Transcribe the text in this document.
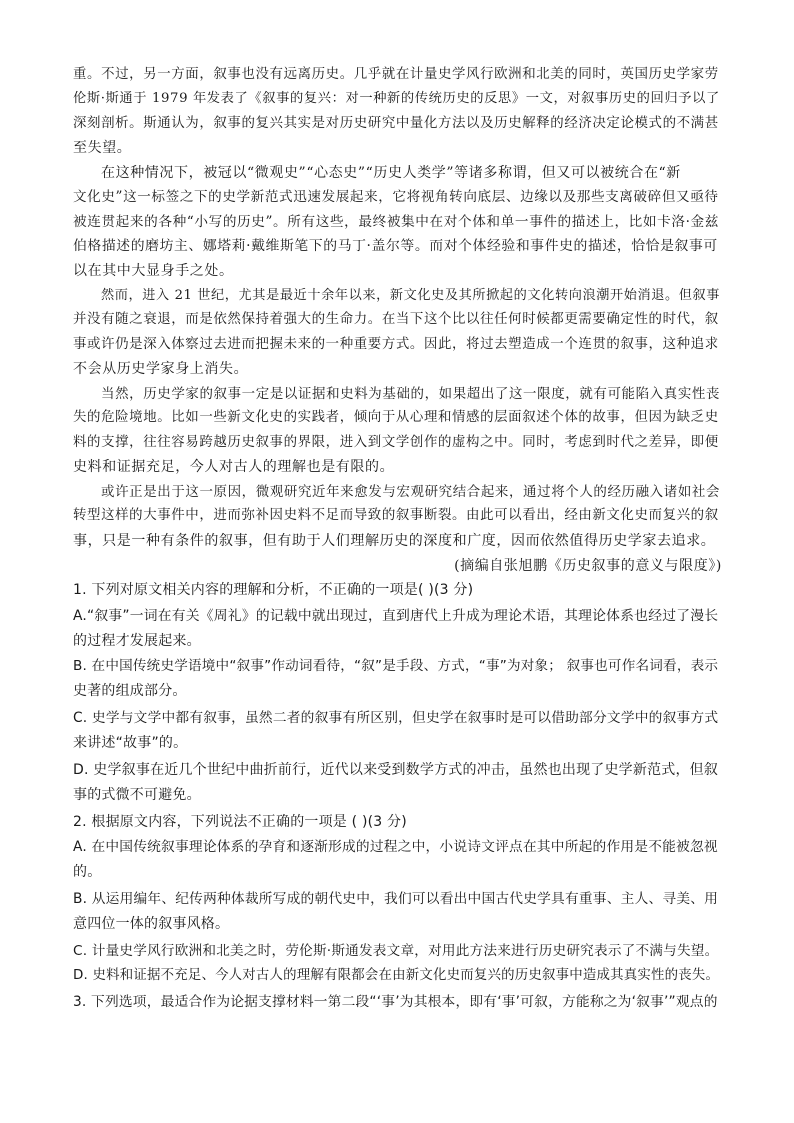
重。不过，另一方面，叙事也没有远离历史。几乎就在计量史学风行欧洲和北美的同时，英国历史学家劳
伦斯·斯通于 1979 年发表了《叙事的复兴：对一种新的传统历史的反思》一文，对叙事历史的回归予以了
深刻剖析。斯通认为，叙事的复兴其实是对历史研究中量化方法以及历史解释的经济决定论模式的不满甚
至失望。
在这种情况下，被冠以“微观史”“心态史”“历史人类学”等诸多称谓，但又可以被统合在“新
文化史”这一标签之下的史学新范式迅速发展起来，它将视角转向底层、边缘以及那些支离破碎但又亟待
被连贯起来的各种“小写的历史”。所有这些，最终被集中在对个体和单一事件的描述上，比如卡洛·金兹
伯格描述的磨坊主、娜塔莉·戴维斯笔下的马丁·盖尔等。而对个体经验和事件史的描述，恰恰是叙事可
以在其中大显身手之处。
然而，进入 21 世纪，尤其是最近十余年以来，新文化史及其所掀起的文化转向浪潮开始消退。但叙事
并没有随之衰退，而是依然保持着强大的生命力。在当下这个比以往任何时候都更需要确定性的时代，叙
事或许仍是深入体察过去进而把握未来的一种重要方式。因此，将过去塑造成一个连贯的叙事，这种追求
不会从历史学家身上消失。
当然，历史学家的叙事一定是以证据和史料为基础的，如果超出了这一限度，就有可能陷入真实性丧
失的危险境地。比如一些新文化史的实践者，倾向于从心理和情感的层面叙述个体的故事，但因为缺乏史
料的支撑，往往容易跨越历史叙事的界限，进入到文学创作的虚构之中。同时，考虑到时代之差异，即便
史料和证据充足，今人对古人的理解也是有限的。
或许正是出于这一原因，微观研究近年来愈发与宏观研究结合起来，通过将个人的经历融入诸如社会
转型这样的大事件中，进而弥补因史料不足而导致的叙事断裂。由此可以看出，经由新文化史而复兴的叙
事，只是一种有条件的叙事，但有助于人们理解历史的深度和广度，因而依然值得历史学家去追求。
(摘编自张旭鹏《历史叙事的意义与限度》)
1. 下列对原文相关内容的理解和分析，不正确的一项是( )(3 分)
A.“叙事”一词在有关《周礼》的记载中就出现过，直到唐代上升成为理论术语，其理论体系也经过了漫长
的过程才发展起来。
B. 在中国传统史学语境中“叙事”作动词看待，“叙”是手段、方式，“事”为对象； 叙事也可作名词看，表示
史著的组成部分。
C. 史学与文学中都有叙事，虽然二者的叙事有所区别，但史学在叙事时是可以借助部分文学中的叙事方式
来讲述“故事”的。
D. 史学叙事在近几个世纪中曲折前行，近代以来受到数学方式的冲击，虽然也出现了史学新范式，但叙
事的式微不可避免。
2. 根据原文内容，下列说法不正确的一项是 ( )(3 分)
A. 在中国传统叙事理论体系的孕育和逐渐形成的过程之中，小说诗文评点在其中所起的作用是不能被忽视
的。
B. 从运用编年、纪传两种体裁所写成的朝代史中，我们可以看出中国古代史学具有重事、主人、寻美、用
意四位一体的叙事风格。
C. 计量史学风行欧洲和北美之时，劳伦斯·斯通发表文章，对用此方法来进行历史研究表示了不满与失望。
D. 史料和证据不充足、今人对古人的理解有限都会在由新文化史而复兴的历史叙事中造成其真实性的丧失。
3. 下列选项，最适合作为论据支撑材料一第二段“‘事’为其根本，即有‘事’可叙，方能称之为‘叙事’”观点的
